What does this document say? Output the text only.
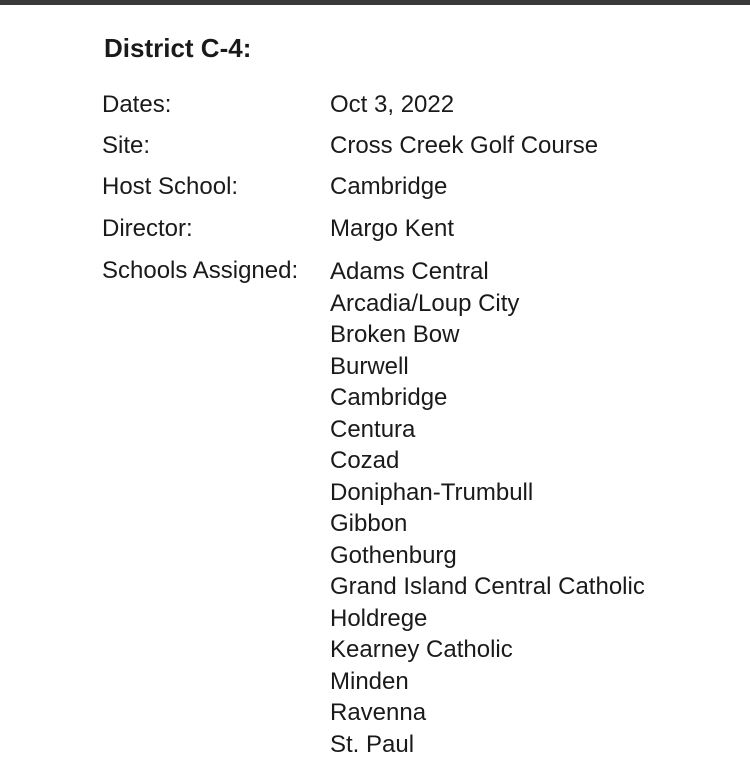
District C-4:
Dates:	Oct 3, 2022
Site:	Cross Creek Golf Course
Host School:	Cambridge
Director:	Margo Kent
Schools Assigned: Adams Central
Arcadia/Loup City
Broken Bow
Burwell
Cambridge
Centura
Cozad
Doniphan-Trumbull
Gibbon
Gothenburg
Grand Island Central Catholic
Holdrege
Kearney Catholic
Minden
Ravenna
St. Paul
